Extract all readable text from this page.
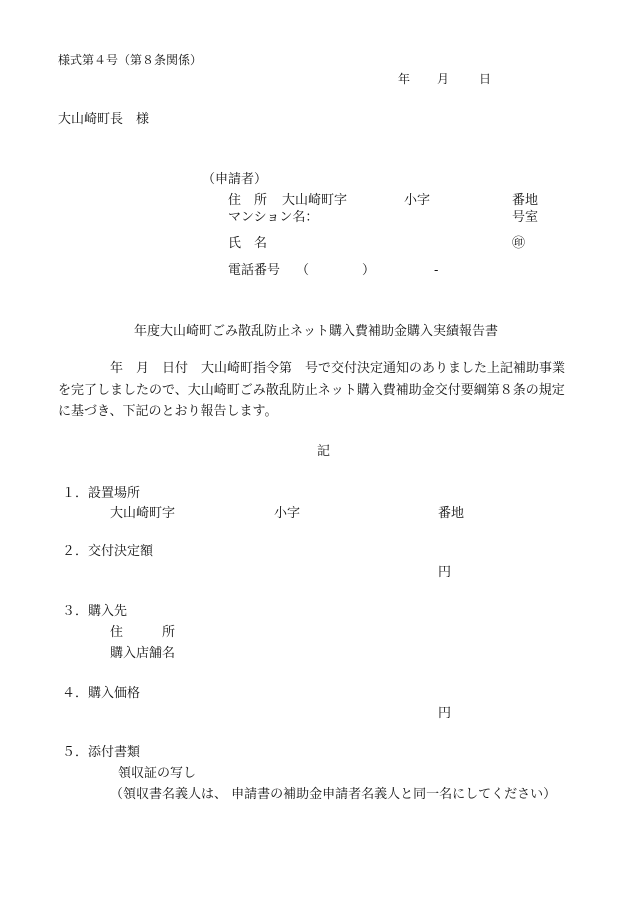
様式第４号（第８条関係）
年 月 日
大山崎町長　様
（申請者）
住　所 大山崎町字	小字	番地
マンション名：	号室
氏　名	㊞
電話番号 （	）	-
年度大山崎町ごみ散乱防止ネット購入費補助金購入実績報告書
年　月　日付　大山崎町指令第　号で交付決定通知のありました上記補助事業
を完了しましたので、大山崎町ごみ散乱防止ネット購入費補助金交付要綱第８条の規定
に基づき、下記のとおり報告します。
記
１．設置場所
大山崎町字	小字	番地
２．交付決定額
円
３．購入先
住　　　所
購入店舗名
４．購入価格
円
５．添付書類
領収証の写し
（領収書名義人は、 申請書の補助金申請者名義人と同一名にしてください）
